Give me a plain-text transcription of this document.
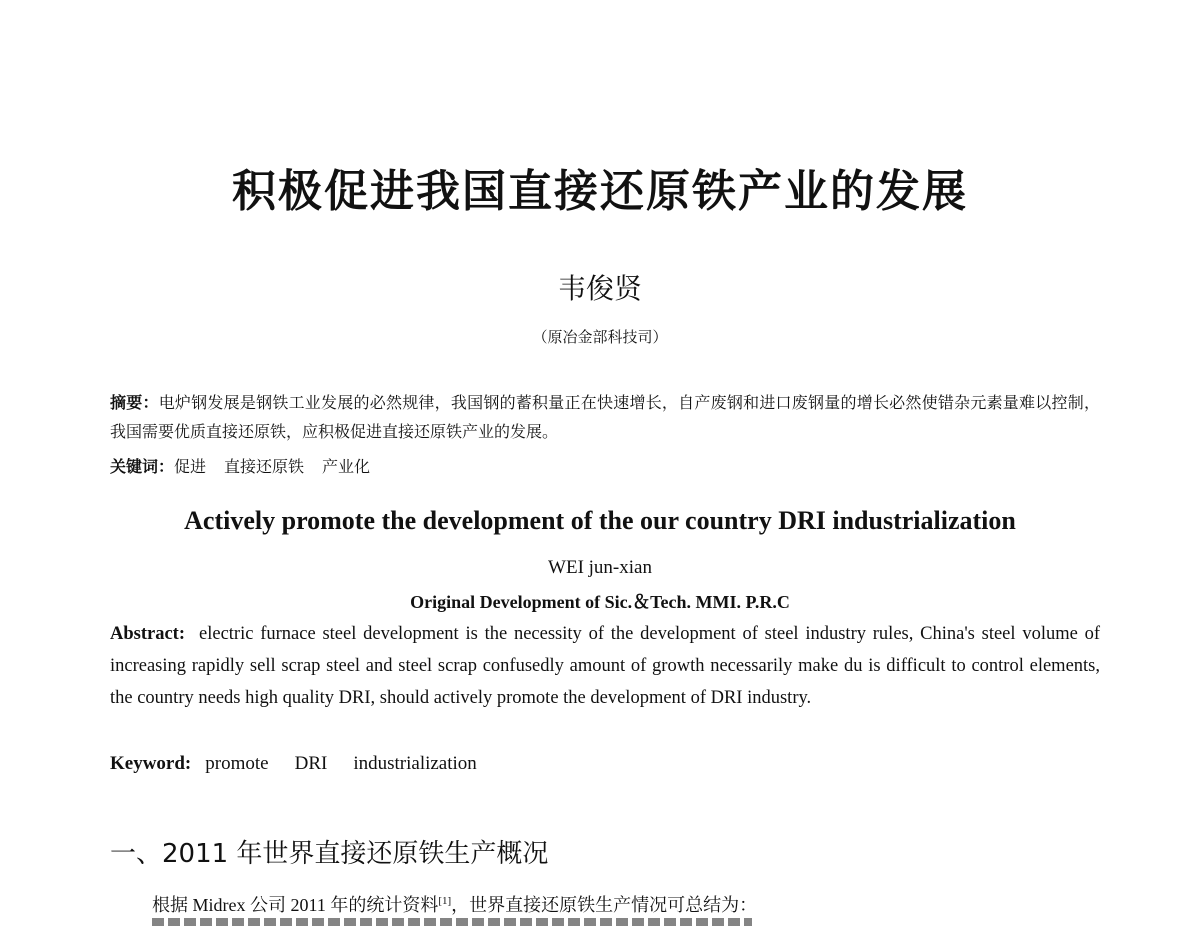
积极促进我国直接还原铁产业的发展
韦俊贤
（原冶金部科技司）
摘要：电炉钢发展是钢铁工业发展的必然规律，我国钢的蓄积量正在快速增长，自产废钢和进口废钢量的增长必然使错杂元素量难以控制，我国需要优质直接还原铁，应积极促进直接还原铁产业的发展。
关键词：促进 直接还原铁 产业化
Actively promote the development of the our country DRI industrialization
WEI jun-xian
Original Development of Sic.＆Tech. MMI. P.R.C
Abstract: electric furnace steel development is the necessity of the development of steel industry rules, China's steel volume of increasing rapidly sell scrap steel and steel scrap confusedly amount of growth necessarily make du is difficult to control elements, the country needs high quality DRI, should actively promote the development of DRI industry.
Keyword: promote DRI industrialization
一、2011 年世界直接还原铁生产概况
根据 Midrex 公司 2011 年的统计资料[1]，世界直接还原铁生产情况可总结为：
